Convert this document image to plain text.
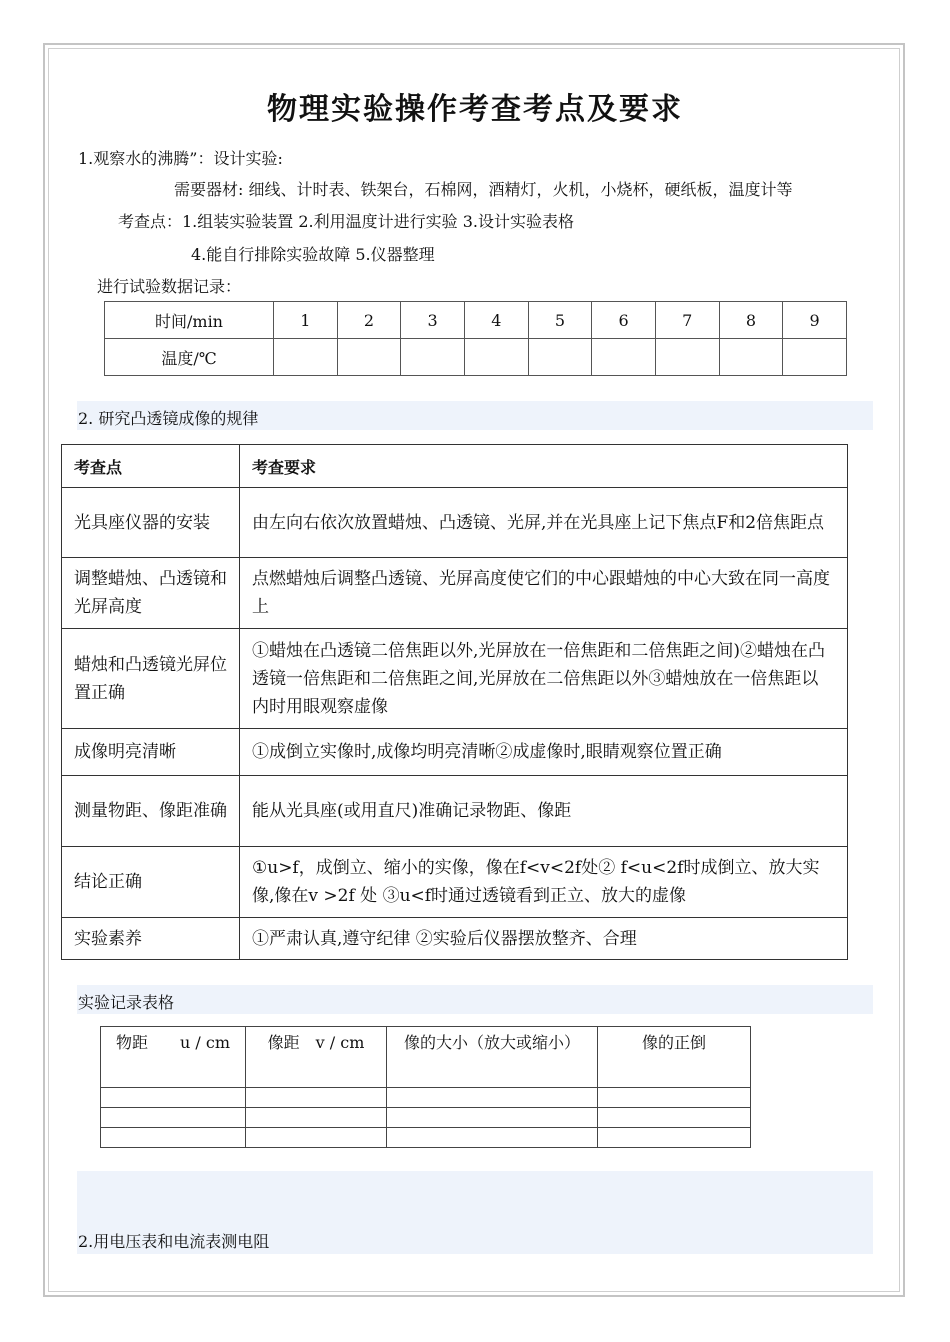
物理实验操作考查考点及要求
1.观察水的沸腾”：设计实验:
需要器材: 细线、计时表、铁架台，石棉网，酒精灯，火机，小烧杯，硬纸板，温度计等
考查点：1.组装实验装置 2.利用温度计进行实验 3.设计实验表格
4.能自行排除实验故障 5.仪器整理
进行试验数据记录：
时间/min	1	2	3	4	5	6	7	8	9
温度/℃									
2. 研究凸透镜成像的规律
考查点	考查要求
光具座仪器的安装	由左向右依次放置蜡烛、凸透镜、光屏,并在光具座上记下焦点F和2倍焦距点
调整蜡烛、凸透镜和光屏高度	点燃蜡烛后调整凸透镜、光屏高度使它们的中心跟蜡烛的中心大致在同一高度上
蜡烛和凸透镜光屏位置正确	①蜡烛在凸透镜二倍焦距以外,光屏放在一倍焦距和二倍焦距之间)②蜡烛在凸透镜一倍焦距和二倍焦距之间,光屏放在二倍焦距以外③蜡烛放在一倍焦距以内时用眼观察虚像
成像明亮清晰	①成倒立实像时,成像均明亮清晰②成虚像时,眼睛观察位置正确
测量物距、像距准确	能从光具座(或用直尺)准确记录物距、像距
结论正确	①u>f，成倒立、缩小的实像，像在f<v<2f处② f<u<2f时成倒立、放大实像,像在v >2f 处 ③u<f时通过透镜看到正立、放大的虚像
实验素养	①严肃认真,遵守纪律 ②实验后仪器摆放整齐、合理
实验记录表格
物距　　u / cm	像距　v / cm	像的大小（放大或缩小）	像的正倒

2.用电压表和电流表测电阻
